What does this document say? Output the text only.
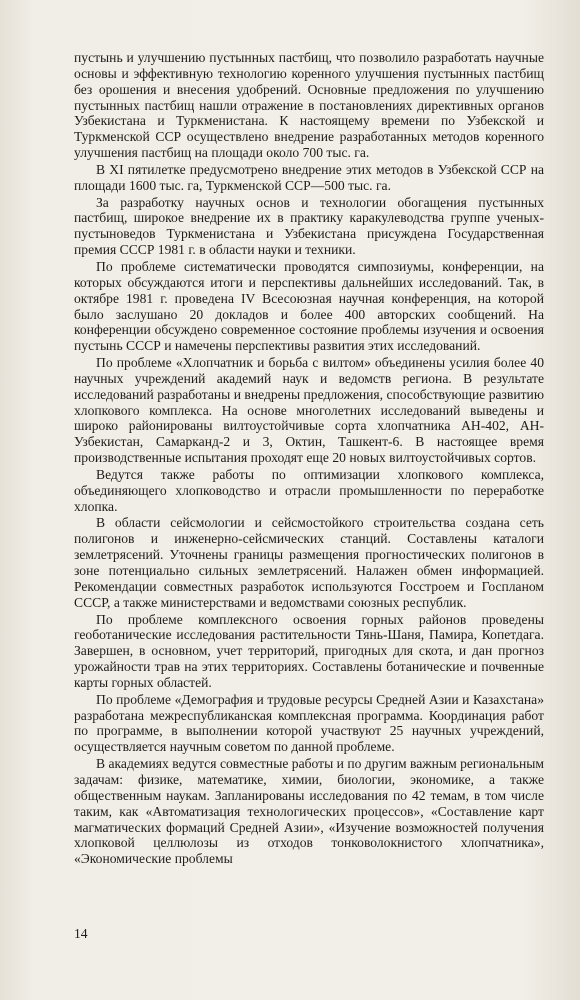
пустынь и улучшению пустынных пастбищ, что позволило разработать научные основы и эффективную технологию коренного улучшения пустынных пастбищ без орошения и внесения удобрений. Основные предложения по улучшению пустынных пастбищ нашли отражение в постановлениях директивных органов Узбекистана и Туркменистана. К настоящему времени по Узбекской и Туркменской ССР осуществлено внедрение разработанных методов коренного улучшения пастбищ на площади около 700 тыс. га.

В XI пятилетке предусмотрено внедрение этих методов в Узбекской ССР на площади 1600 тыс. га, Туркменской ССР—500 тыс. га.

За разработку научных основ и технологии обогащения пустынных пастбищ, широкое внедрение их в практику каракулеводства группе ученых-пустыноведов Туркменистана и Узбекистана присуждена Государственная премия СССР 1981 г. в области науки и техники.

По проблеме систематически проводятся симпозиумы, конференции, на которых обсуждаются итоги и перспективы дальнейших исследований. Так, в октябре 1981 г. проведена IV Всесоюзная научная конференция, на которой было заслушано 20 докладов и более 400 авторских сообщений. На конференции обсуждено современное состояние проблемы изучения и освоения пустынь СССР и намечены перспективы развития этих исследований.

По проблеме «Хлопчатник и борьба с вилтом» объединены усилия более 40 научных учреждений академий наук и ведомств региона. В результате исследований разработаны и внедрены предложения, способствующие развитию хлопкового комплекса. На основе многолетних исследований выведены и широко районированы вилтоустойчивые сорта хлопчатника АН-402, АН-Узбекистан, Самарканд-2 и 3, Октин, Ташкент-6. В настоящее время производственные испытания проходят еще 20 новых вилтоустойчивых сортов.

Ведутся также работы по оптимизации хлопкового комплекса, объединяющего хлопководство и отрасли промышленности по переработке хлопка.

В области сейсмологии и сейсмостойкого строительства создана сеть полигонов и инженерно-сейсмических станций. Составлены каталоги землетрясений. Уточнены границы размещения прогностических полигонов в зоне потенциально сильных землетрясений. Налажен обмен информацией. Рекомендации совместных разработок используются Госстроем и Госпланом СССР, а также министерствами и ведомствами союзных республик.

По проблеме комплексного освоения горных районов проведены геоботанические исследования растительности Тянь-Шаня, Памира, Копетдага. Завершен, в основном, учет территорий, пригодных для скота, и дан прогноз урожайности трав на этих территориях. Составлены ботанические и почвенные карты горных областей.

По проблеме «Демография и трудовые ресурсы Средней Азии и Казахстана» разработана межреспубликанская комплексная программа. Координация работ по программе, в выполнении которой участвуют 25 научных учреждений, осуществляется научным советом по данной проблеме.

В академиях ведутся совместные работы и по другим важным региональным задачам: физике, математике, химии, биологии, экономике, а также общественным наукам. Запланированы исследования по 42 темам, в том числе таким, как «Автоматизация технологических процессов», «Составление карт магматических формаций Средней Азии», «Изучение возможностей получения хлопковой целлюлозы из отходов тонковолокнистого хлопчатника», «Экономические проблемы

14
